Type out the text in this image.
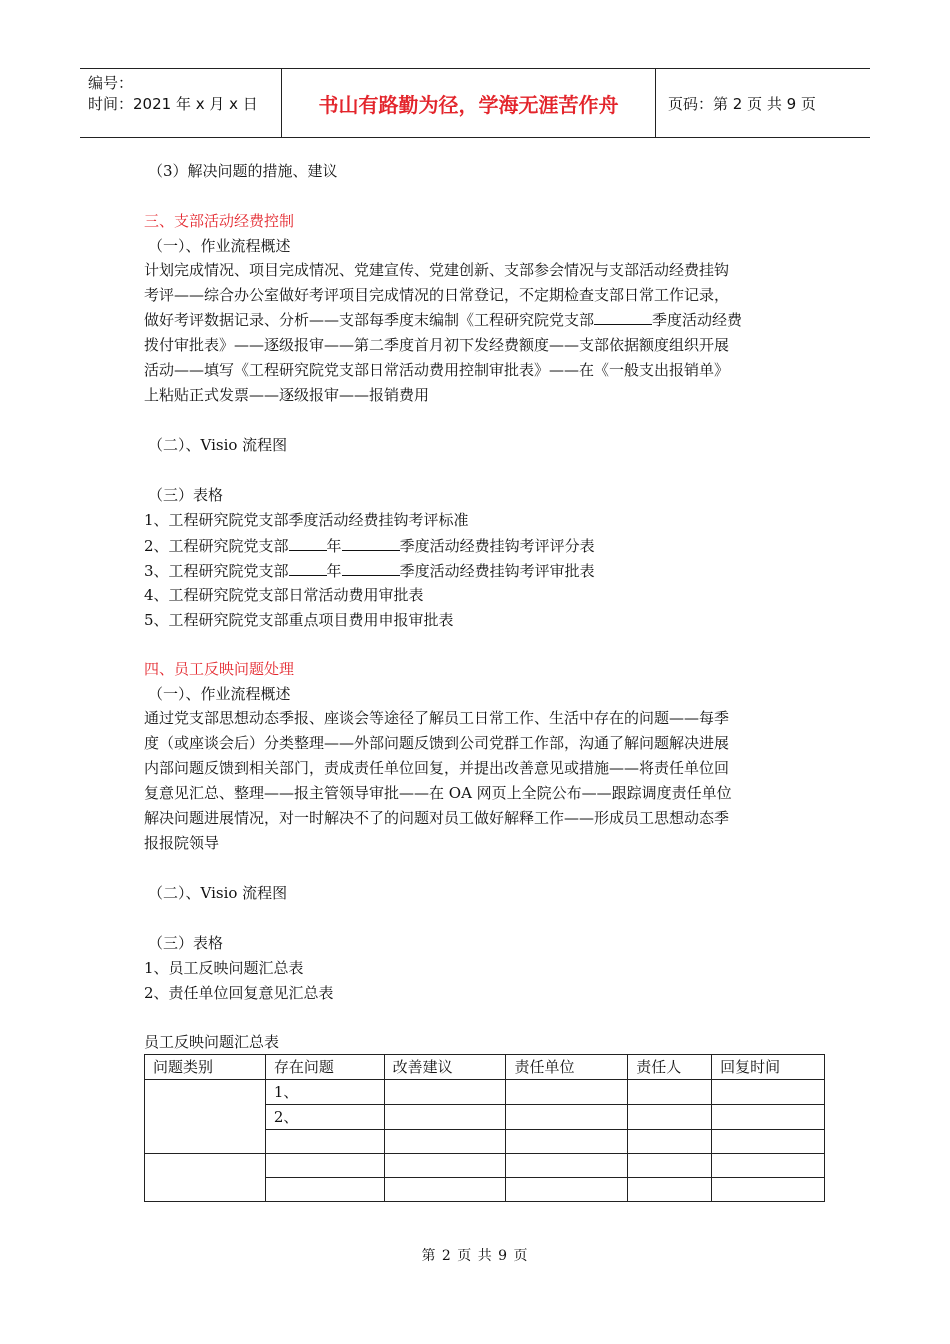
编号：
时间：2021 年 x 月 x 日	书山有路勤为径，学海无涯苦作舟	页码：第 2 页 共 9 页
（3）解决问题的措施、建议
三、支部活动经费控制
（一）、作业流程概述
计划完成情况、项目完成情况、党建宣传、党建创新、支部参会情况与支部活动经费挂钩
考评——综合办公室做好考评项目完成情况的日常登记，不定期检查支部日常工作记录，
做好考评数据记录、分析——支部每季度末编制《工程研究院党支部	季度活动经费
拨付审批表》——逐级报审——第二季度首月初下发经费额度——支部依据额度组织开展
活动——填写《工程研究院党支部日常活动费用控制审批表》——在《一般支出报销单》
上粘贴正式发票——逐级报审——报销费用
（二）、Visio 流程图
（三）表格
1、工程研究院党支部季度活动经费挂钩考评标准
2、工程研究院党支部	年	季度活动经费挂钩考评评分表
3、工程研究院党支部	年	季度活动经费挂钩考评审批表
4、工程研究院党支部日常活动费用审批表
5、工程研究院党支部重点项目费用申报审批表
四、员工反映问题处理
（一）、作业流程概述
通过党支部思想动态季报、座谈会等途径了解员工日常工作、生活中存在的问题——每季
度（或座谈会后）分类整理——外部问题反馈到公司党群工作部，沟通了解问题解决进展
内部问题反馈到相关部门，责成责任单位回复，并提出改善意见或措施——将责任单位回
复意见汇总、整理——报主管领导审批——在 OA 网页上全院公布——跟踪调度责任单位
解决问题进展情况，对一时解决不了的问题对员工做好解释工作——形成员工思想动态季
报报院领导
（二）、Visio 流程图
（三）表格
1、员工反映问题汇总表
2、责任单位回复意见汇总表
员工反映问题汇总表
问题类别	存在问题	改善建议	责任单位	责任人	回复时间
	1、				
	2、				

第 2 页 共 9 页
